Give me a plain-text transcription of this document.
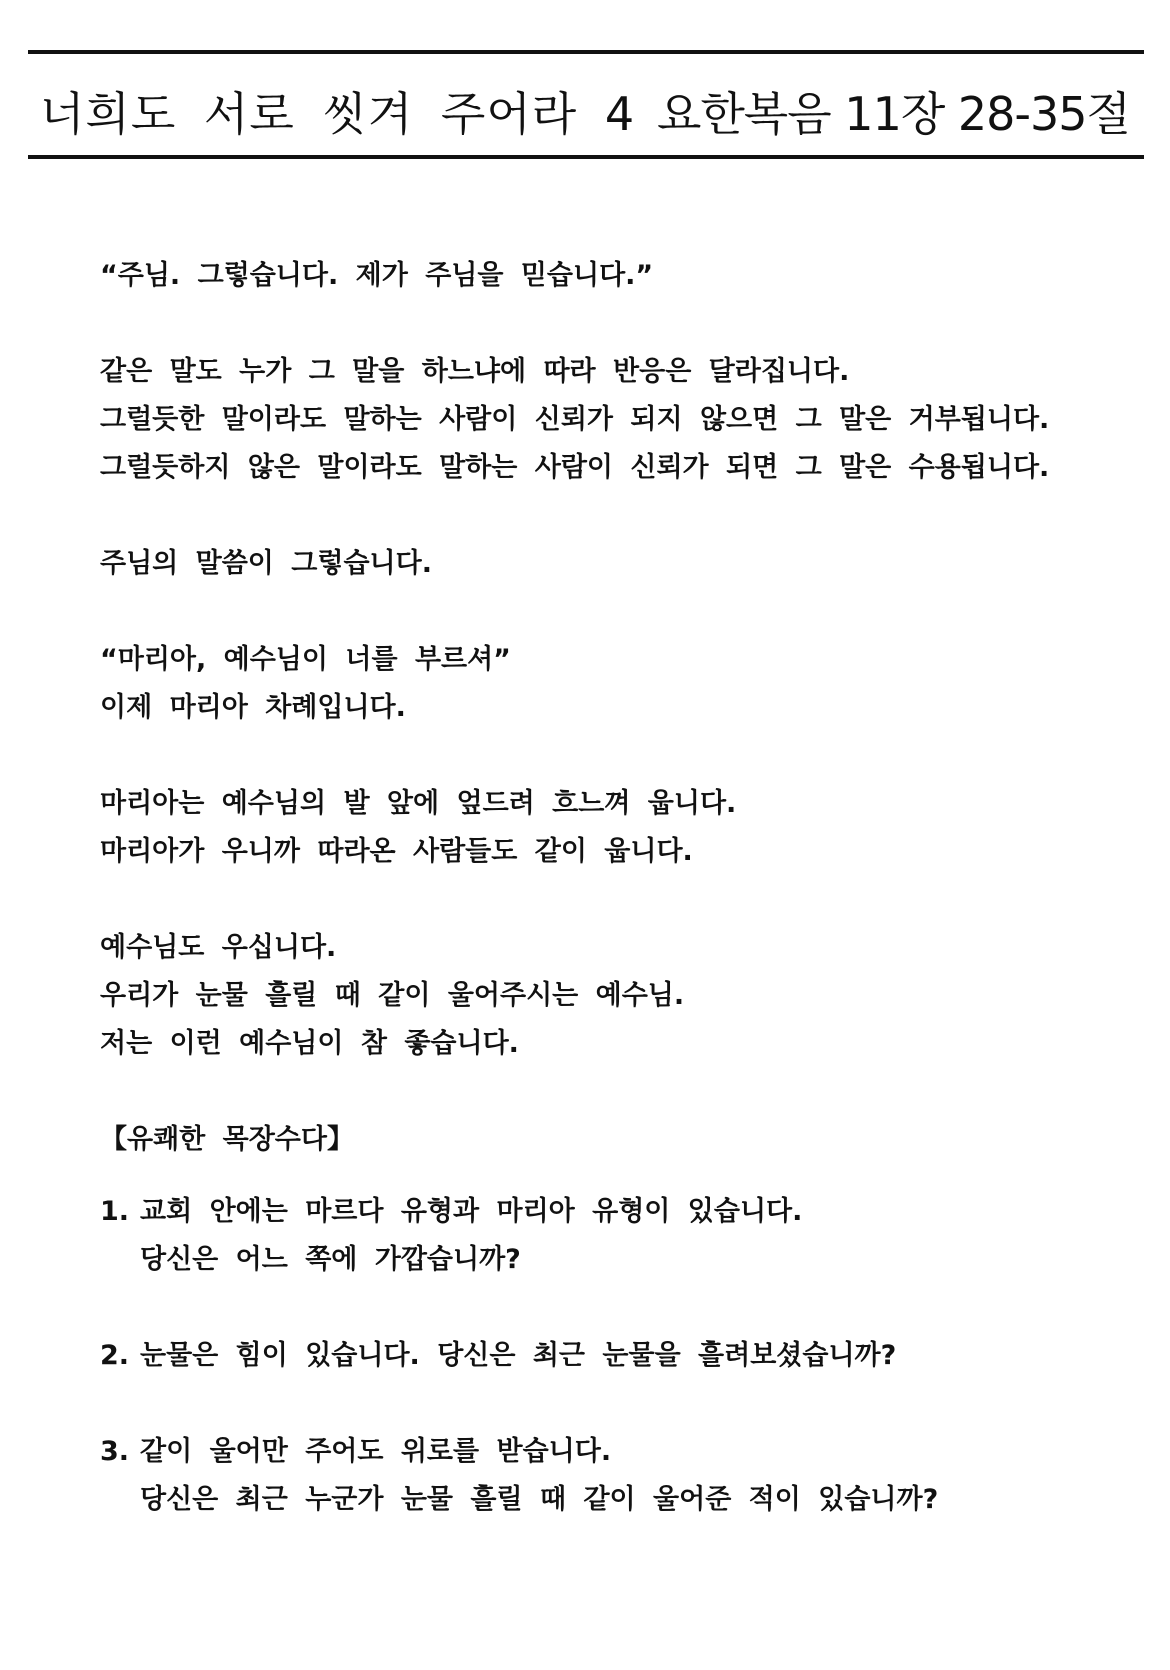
너희도 서로 씻겨 주어라 4 요한복음 11장 28-35절
“주님. 그렇습니다. 제가 주님을 믿습니다.”
같은 말도 누가 그 말을 하느냐에 따라 반응은 달라집니다.
그럴듯한 말이라도 말하는 사람이 신뢰가 되지 않으면 그 말은 거부됩니다.
그럴듯하지 않은 말이라도 말하는 사람이 신뢰가 되면 그 말은 수용됩니다.
주님의 말씀이 그렇습니다.
“마리아, 예수님이 너를 부르셔”
이제 마리아 차례입니다.
마리아는 예수님의 발 앞에 엎드려 흐느껴 웁니다.
마리아가 우니까 따라온 사람들도 같이 웁니다.
예수님도 우십니다.
우리가 눈물 흘릴 때 같이 울어주시는 예수님.
저는 이런 예수님이 참 좋습니다.
【유쾌한 목장수다】
1. 교회 안에는 마르다 유형과 마리아 유형이 있습니다.
당신은 어느 쪽에 가깝습니까?
2. 눈물은 힘이 있습니다. 당신은 최근 눈물을 흘려보셨습니까?
3. 같이 울어만 주어도 위로를 받습니다.
당신은 최근 누군가 눈물 흘릴 때 같이 울어준 적이 있습니까?
